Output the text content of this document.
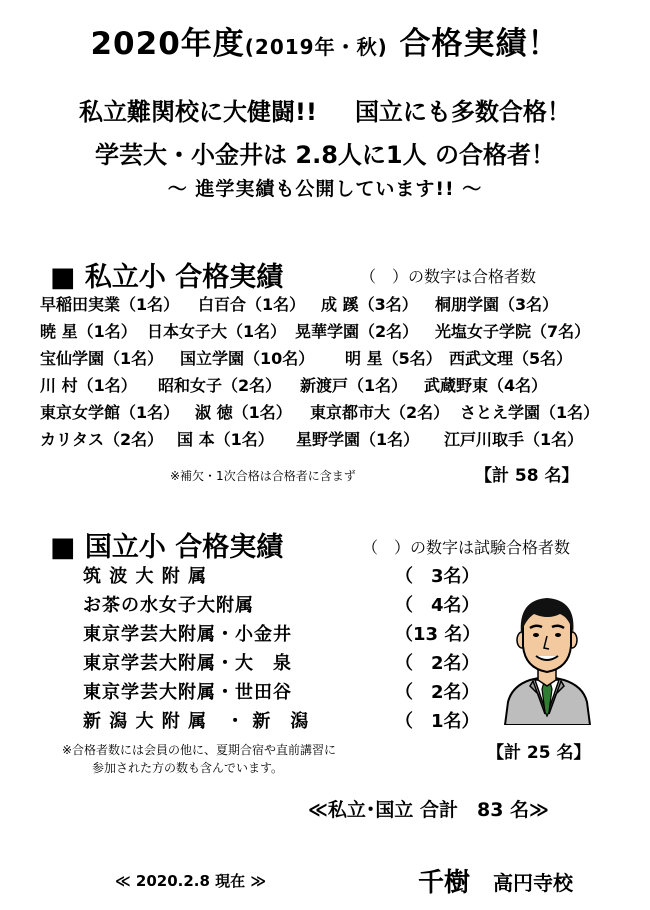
2020年度(2019年・秋) 合格実績！
私立難関校に大健闘!! 国立にも多数合格！
学芸大・小金井は 2.8人に1人 の合格者！
～ 進学実績も公開しています!! ～
■ 私立小 合格実績	（　）の数字は合格者数
早稲田実業（1名） 白百合（1名） 成 蹊（3名） 桐朋学園（3名）
暁 星（1名） 日本女子大（1名） 晃華学園（2名） 光塩女子学院（7名）
宝仙学園（1名） 国立学園（10名） 明 星（5名） 西武文理（5名）
川 村（1名） 昭和女子（2名） 新渡戸（1名） 武蔵野東（4名）
東京女学館（1名） 淑 徳（1名） 東京都市大（2名） さとえ学園（1名）
カリタス（2名） 国 本（1名） 星野学園（1名） 江戸川取手（1名）
※補欠・1次合格は合格者に含まず	【計 58 名】
■ 国立小 合格実績	（　）の数字は試験合格者数
筑 波 大 附 属	（　3名）
お茶の水女子大附属	（　4名）
東京学芸大附属・小金井	（13 名）
東京学芸大附属・大　泉	（　2名）
東京学芸大附属・世田谷	（　2名）
新 潟 大 附 属　・ 新　潟	（　1名）
※合格者数には会員の他に、夏期合宿や直前講習に
参加された方の数も含んでいます。
【計 25 名】
≪私立･国立 合計　83 名≫
≪ 2020.2.8 現在 ≫	千樹 高円寺校
